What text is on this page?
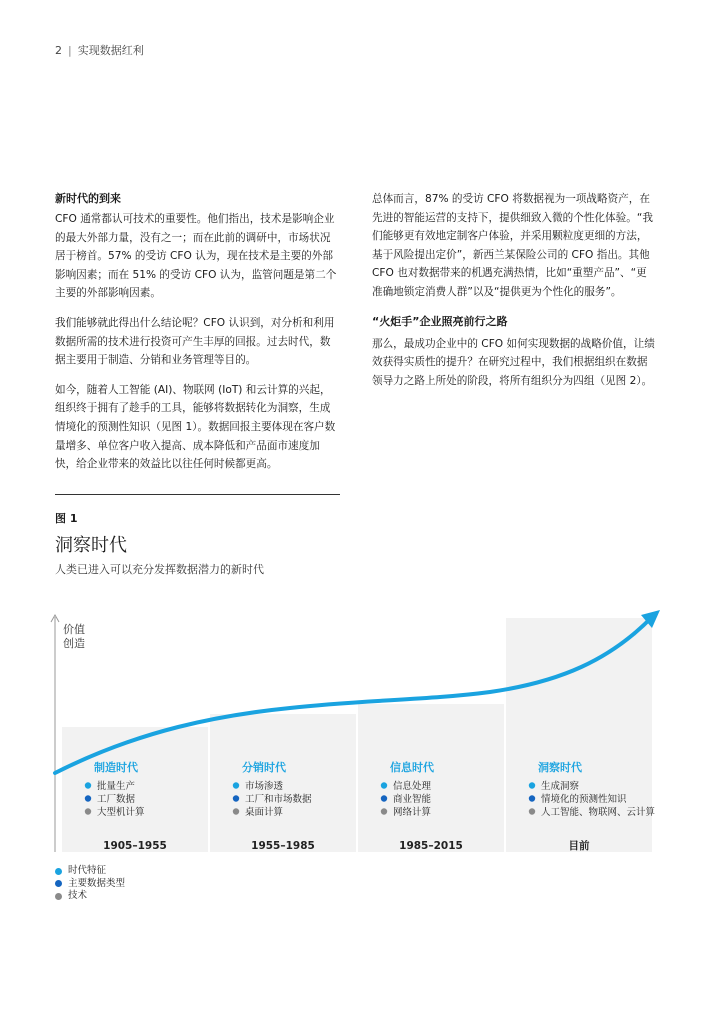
2 | 实现数据红利
新时代的到来

CFO 通常都认可技术的重要性。他们指出，技术是影响企业的最大外部力量，没有之一；而在此前的调研中，市场状况居于榜首。57% 的受访 CFO 认为，现在技术是主要的外部影响因素；而在 51% 的受访 CFO 认为，监管问题是第二个主要的外部影响因素。

我们能够就此得出什么结论呢？CFO 认识到，对分析和利用数据所需的技术进行投资可产生丰厚的回报。过去时代，数据主要用于制造、分销和业务管理等目的。

如今，随着人工智能 (AI)、物联网 (IoT) 和云计算的兴起，组织终于拥有了趁手的工具，能够将数据转化为洞察，生成情境化的预测性知识（见图 1）。数据回报主要体现在客户数量增多、单位客户收入提高、成本降低和产品面市速度加快，给企业带来的效益比以往任何时候都更高。

总体而言，87% 的受访 CFO 将数据视为一项战略资产，在先进的智能运营的支持下，提供细致入微的个性化体验。“我们能够更有效地定制客户体验，并采用颗粒度更细的方法，基于风险提出定价”，新西兰某保险公司的 CFO 指出。其他 CFO 也对数据带来的机遇充满热情，比如“重塑产品”、“更准确地锁定消费人群”以及“提供更为个性化的服务”。

“火炬手”企业照亮前行之路

那么，最成功企业中的 CFO 如何实现数据的战略价值，让绩效获得实质性的提升？在研究过程中，我们根据组织在数据领导力之路上所处的阶段，将所有组织分为四组（见图 2）。

图 1
洞察时代
人类已进入可以充分发挥数据潜力的新时代
价值
创造
制造时代
批量生产
工厂数据
大型机计算
1905–1955
分销时代
市场渗透
工厂和市场数据
桌面计算
1955–1985
信息时代
信息处理
商业智能
网络计算
1985–2015
洞察时代
生成洞察
情境化的预测性知识
人工智能、物联网、云计算
目前
时代特征
主要数据类型
技术
